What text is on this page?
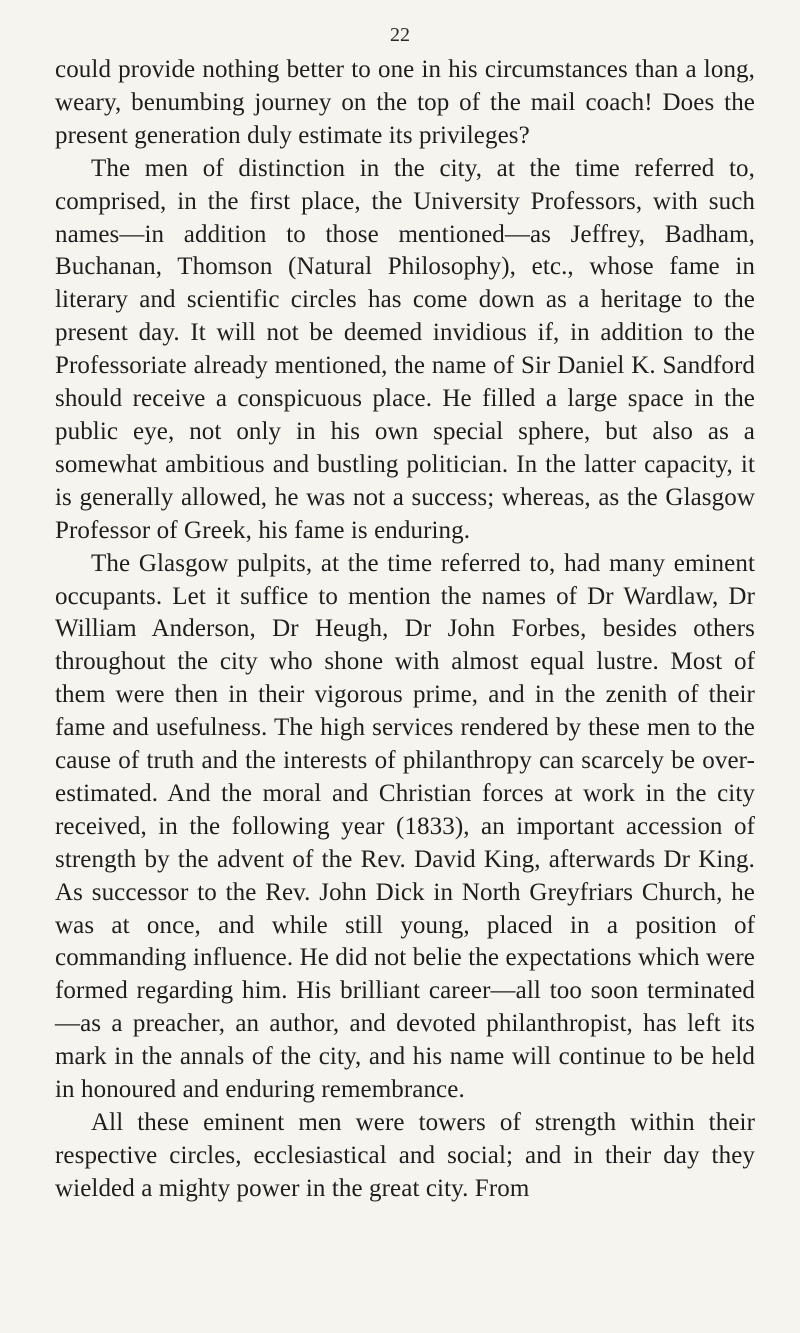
22

could provide nothing better to one in his circumstances than a long, weary, benumbing journey on the top of the mail coach! Does the present generation duly estimate its privileges?

The men of distinction in the city, at the time referred to, comprised, in the first place, the University Professors, with such names—in addition to those mentioned—as Jeffrey, Badham, Buchanan, Thomson (Natural Philosophy), etc., whose fame in literary and scientific circles has come down as a heritage to the present day. It will not be deemed invidious if, in addition to the Professoriate already mentioned, the name of Sir Daniel K. Sandford should receive a conspicuous place. He filled a large space in the public eye, not only in his own special sphere, but also as a somewhat ambitious and bustling politician. In the latter capacity, it is generally allowed, he was not a success; whereas, as the Glasgow Professor of Greek, his fame is enduring.

The Glasgow pulpits, at the time referred to, had many eminent occupants. Let it suffice to mention the names of Dr Wardlaw, Dr William Anderson, Dr Heugh, Dr John Forbes, besides others throughout the city who shone with almost equal lustre. Most of them were then in their vigorous prime, and in the zenith of their fame and usefulness. The high services rendered by these men to the cause of truth and the interests of philanthropy can scarcely be over-estimated. And the moral and Christian forces at work in the city received, in the following year (1833), an important accession of strength by the advent of the Rev. David King, afterwards Dr King. As successor to the Rev. John Dick in North Greyfriars Church, he was at once, and while still young, placed in a position of commanding influence. He did not belie the expectations which were formed regarding him. His brilliant career—all too soon terminated—as a preacher, an author, and devoted philanthropist, has left its mark in the annals of the city, and his name will continue to be held in honoured and enduring remembrance.

All these eminent men were towers of strength within their respective circles, ecclesiastical and social; and in their day they wielded a mighty power in the great city. From
